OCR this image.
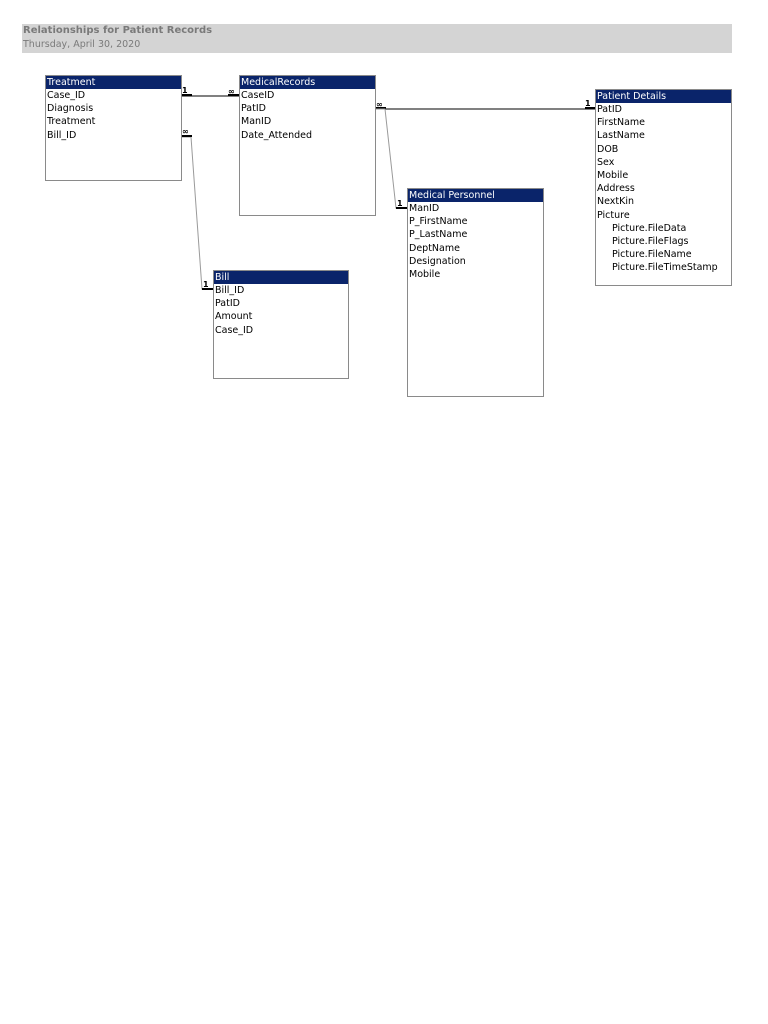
Relationships for Patient Records
Thursday, April 30, 2020
1	∞
∞	1
1
∞
1
Treatment
Case_ID
Diagnosis
Treatment
Bill_ID
MedicalRecords
CaseID
PatID
ManID
Date_Attended
Patient Details
PatID
FirstName
LastName
DOB
Sex
Mobile
Address
NextKin
Picture
Picture.FileData
Picture.FileFlags
Picture.FileName
Picture.FileTimeStamp
Medical Personnel
ManID
P_FirstName
P_LastName
DeptName
Designation
Mobile
Bill
Bill_ID
PatID
Amount
Case_ID
